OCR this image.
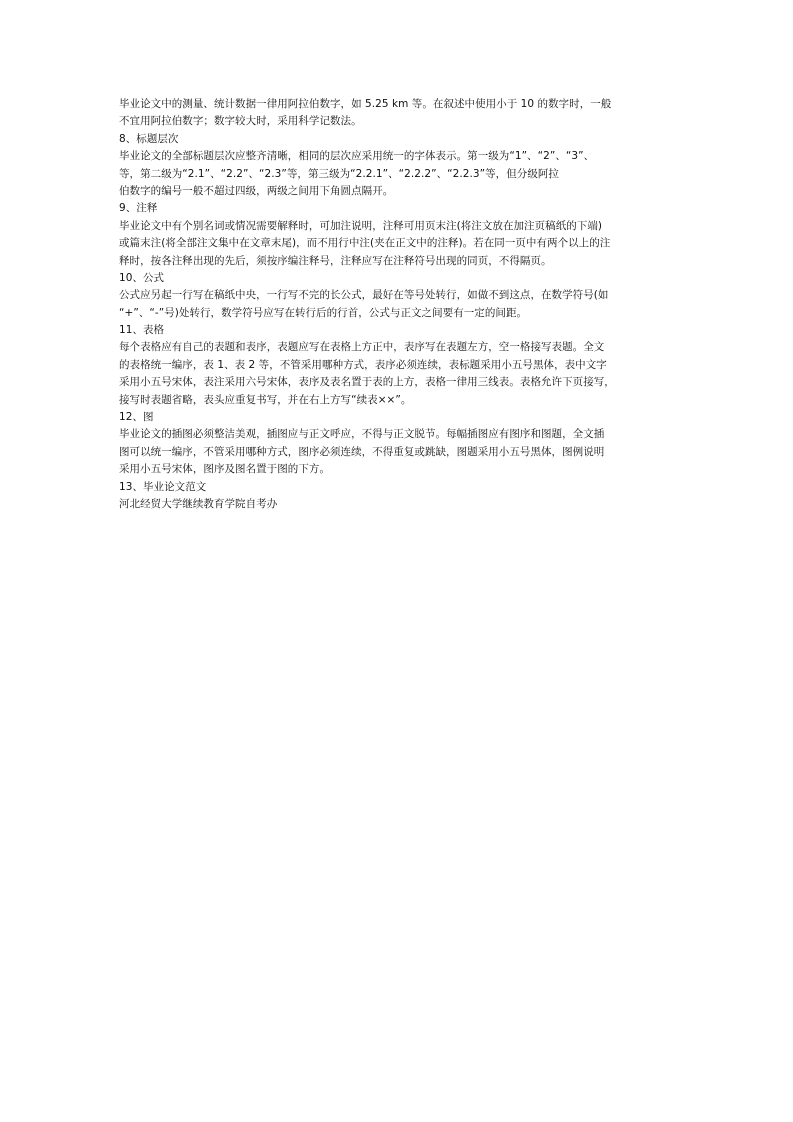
毕业论文中的测量、统计数据一律用阿拉伯数字，如 5.25 km 等。在叙述中使用小于 10 的数字时，一般
不宜用阿拉伯数字；数字较大时，采用科学记数法。
8、标题层次
毕业论文的全部标题层次应整齐清晰，相同的层次应采用统一的字体表示。第一级为“1”、“2”、“3”、
等，第二级为“2.1”、“2.2”、“2.3”等，第三级为“2.2.1”、“2.2.2”、“2.2.3”等，但分级阿拉
伯数字的编号一般不超过四级，两级之间用下角圆点隔开。
9、注释
毕业论文中有个别名词或情况需要解释时，可加注说明，注释可用页末注(将注文放在加注页稿纸的下端)
或篇末注(将全部注文集中在文章末尾)，而不用行中注(夹在正文中的注释)。若在同一页中有两个以上的注
释时，按各注释出现的先后，须按序编注释号，注释应写在注释符号出现的同页，不得隔页。
10、公式
公式应另起一行写在稿纸中央，一行写不完的长公式，最好在等号处转行，如做不到这点，在数学符号(如
“+”、“-”号)处转行，数学符号应写在转行后的行首，公式与正文之间要有一定的间距。
11、表格
每个表格应有自己的表题和表序，表题应写在表格上方正中，表序写在表题左方，空一格接写表题。全文
的表格统一编序，表 1、表 2 等，不管采用哪种方式，表序必须连续，表标题采用小五号黑体，表中文字
采用小五号宋体，表注采用六号宋体，表序及表名置于表的上方，表格一律用三线表。表格允许下页接写，
接写时表题省略，表头应重复书写，并在右上方写“续表××”。
12、图
毕业论文的插图必须整洁美观，插图应与正文呼应，不得与正文脱节。每幅插图应有图序和图题，全文插
图可以统一编序，不管采用哪种方式，图序必须连续，不得重复或跳缺，图题采用小五号黑体，图例说明
采用小五号宋体，图序及图名置于图的下方。
13、毕业论文范文
河北经贸大学继续教育学院自考办
